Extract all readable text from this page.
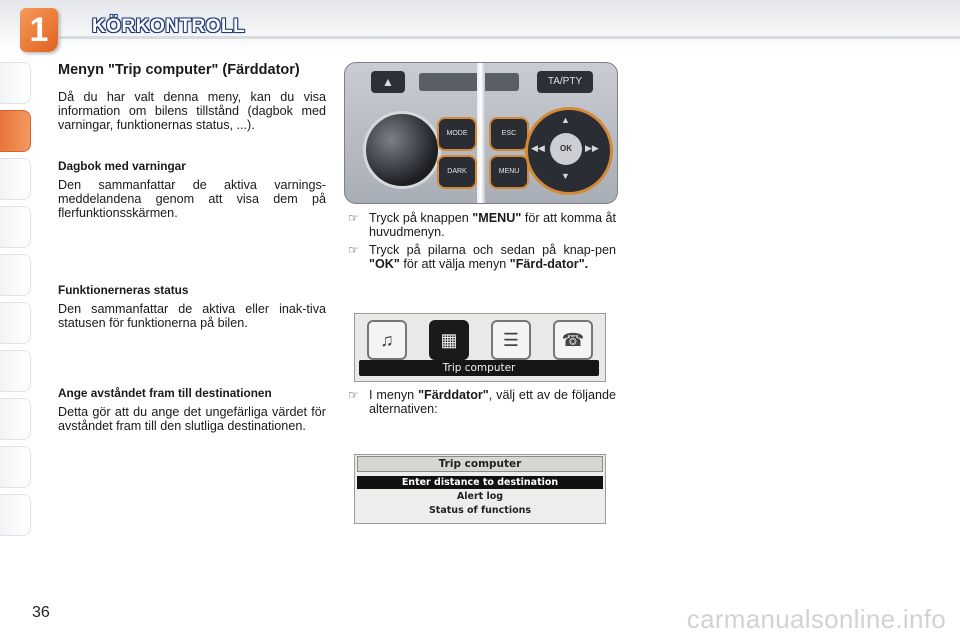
1 KÖRKONTROLL
Menyn "Trip computer" (Färddator)

Då du har valt denna meny, kan du visa information om bilens tillstånd (dagbok med varningar, funktionernas status, ...).

Dagbok med varningar

Den sammanfattar de aktiva varnings-meddelandena genom att visa dem på flerfunktionsskärmen.

Funktionerneras status

Den sammanfattar de aktiva eller inak-tiva statusen för funktionerna på bilen.

Ange avståndet fram till destinationen

Detta gör att du ange det ungefärliga värdet för avståndet fram till den slutliga destinationen.

▲	TA/PTY
MODE
DARK
ESC
MENU
▲
▼
◀◀	▶▶
OK
☞ Tryck på knappen "MENU" för att komma åt huvudmenyn.
☞ Tryck på pilarna och sedan på knap-pen "OK" för att välja menyn "Färd-dator".
♫	▦	☰	☎
Trip computer
☞ I menyn "Färddator", välj ett av de följande alternativen:
Trip computer
Enter distance to destination
Alert log
Status of functions
36	carmanualsonline.info
